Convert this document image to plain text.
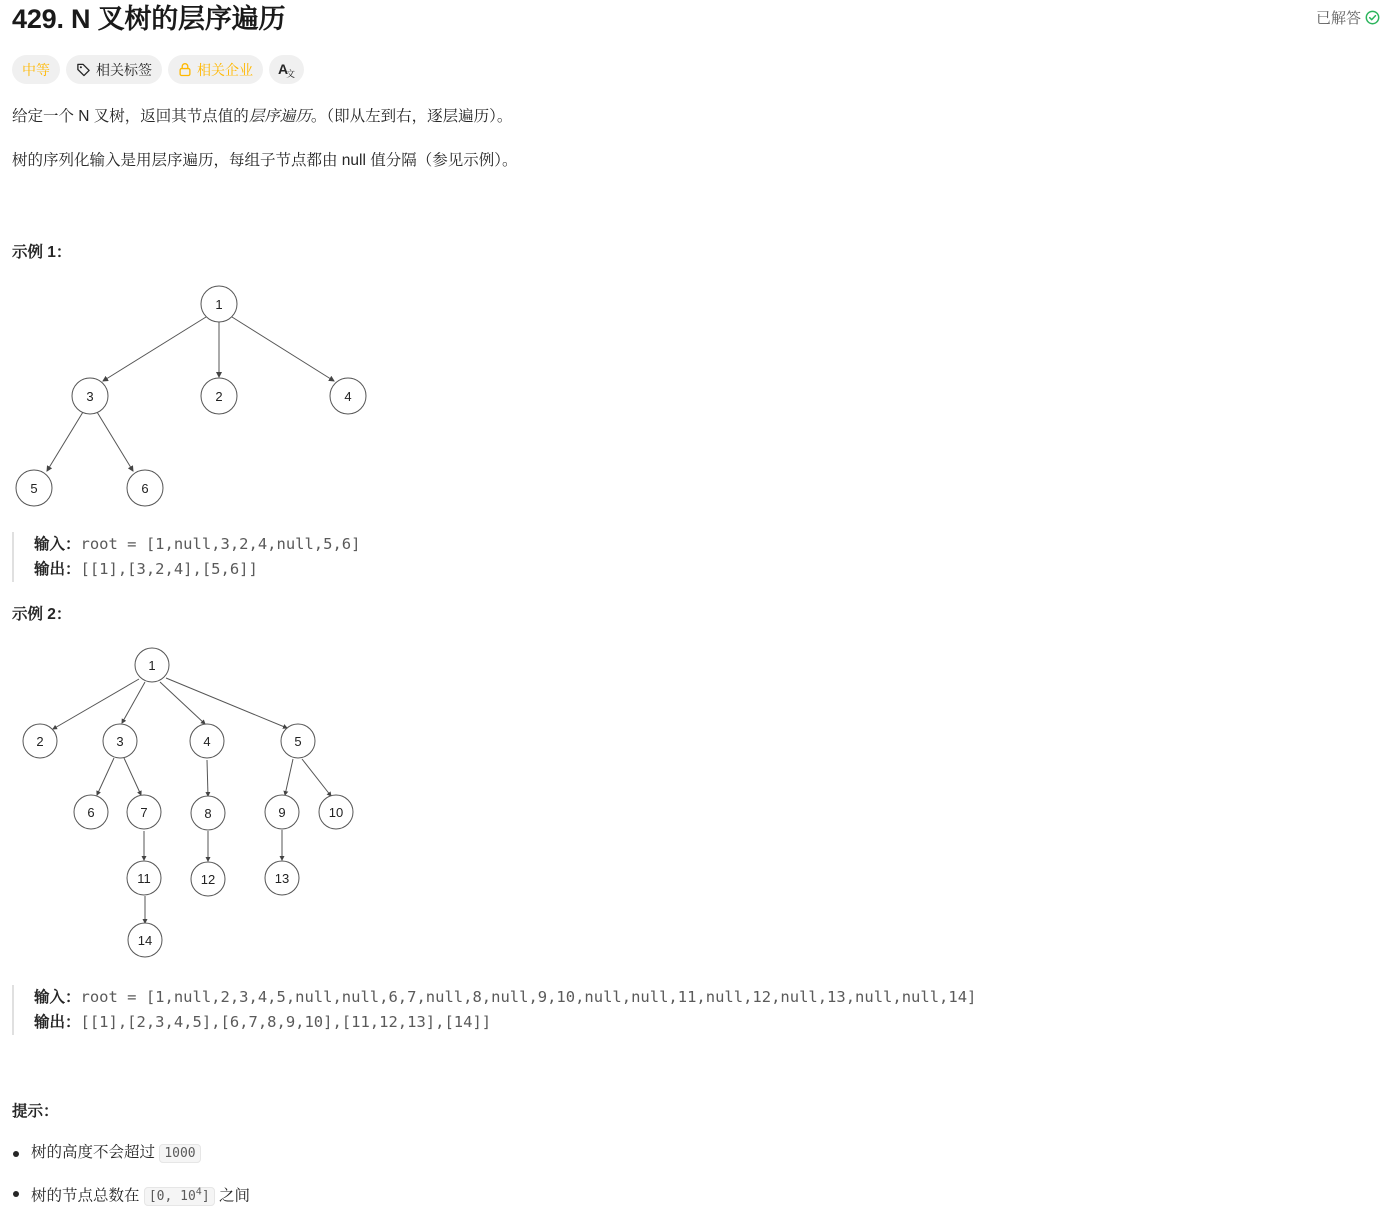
429. N 叉树的层序遍历	已解答
中等	相关标签	相关企业 A
文
给定一个 N 叉树，返回其节点值的层序遍历。（即从左到右，逐层遍历）。
树的序列化输入是用层序遍历，每组子节点都由 null 值分隔（参见示例）。
示例 1：
1
3	2	4
5	6
输入：root = [1,null,3,2,4,null,5,6]
输出：[[1],[3,2,4],[5,6]]
示例 2：
1
2	3	4	5
6	7	8	9	10
11	12	13
14
输入：root = [1,null,2,3,4,5,null,null,6,7,null,8,null,9,10,null,null,11,null,12,null,13,null,null,14]
输出：[[1],[2,3,4,5],[6,7,8,9,10],[11,12,13],[14]]
提示：
树的高度不会超过 1000
树的节点总数在 [0, $10^4$] 之间
